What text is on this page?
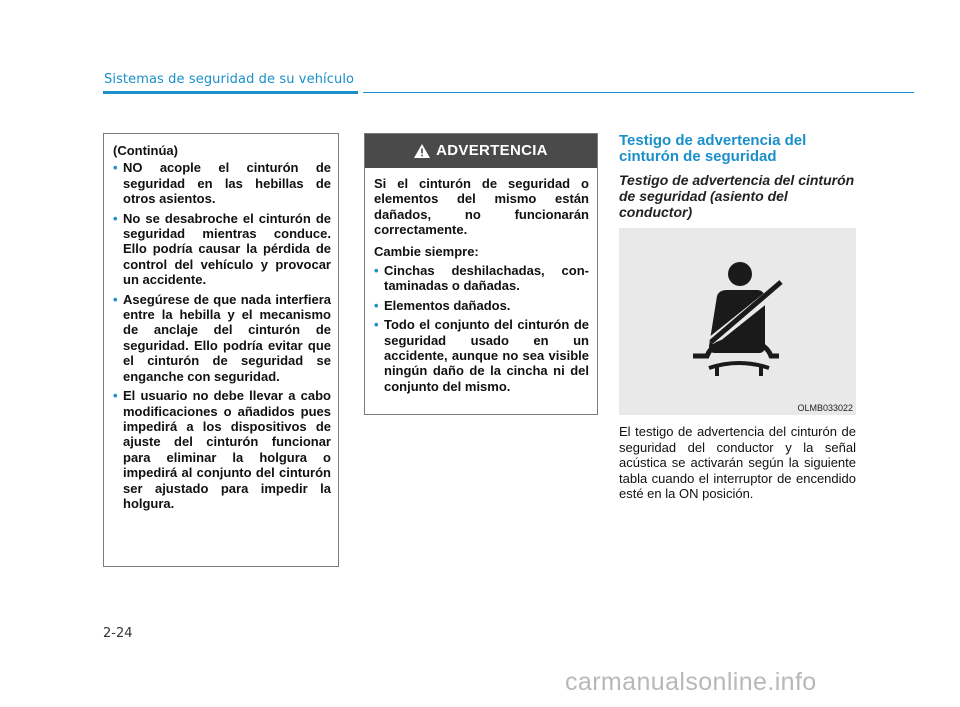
Sistemas de seguridad de su vehículo
(Continúa)
• NO acople el cinturón de seguridad en las hebillas de otros asientos.
• No se desabroche el cinturón de seguridad mientras conduce. Ello podría causar la pérdida de control del vehículo y provocar un accidente.
• Asegúrese de que nada interfiera entre la hebilla y el mecanismo de anclaje del cinturón de seguridad. Ello podría evitar que el cinturón de seguridad se enganche con seguridad.
• El usuario no debe llevar a cabo modificaciones o añadidos pues impedirá a los dispositivos de ajuste del cinturón funcionar para eliminar la holgura o impedirá al conjunto del cinturón ser ajustado para impedir la holgura.
ADVERTENCIA

Si el cinturón de seguridad o elementos del mismo están dañados, no funcionarán correctamente.

Cambie siempre:

• Cinchas deshilachadas, con-taminadas o dañadas.
• Elementos dañados.
• Todo el conjunto del cinturón de seguridad usado en un accidente, aunque no sea visible ningún daño de la cincha ni del conjunto del mismo.
Testigo de advertencia del cinturón de seguridad
Testigo de advertencia del cinturón de seguridad (asiento del conductor)
OLMB033022
El testigo de advertencia del cinturón de seguridad del conductor y la señal acústica se activarán según la siguiente tabla cuando el interruptor de encendido esté en la ON posición.
2-24
carmanualsonline.info
